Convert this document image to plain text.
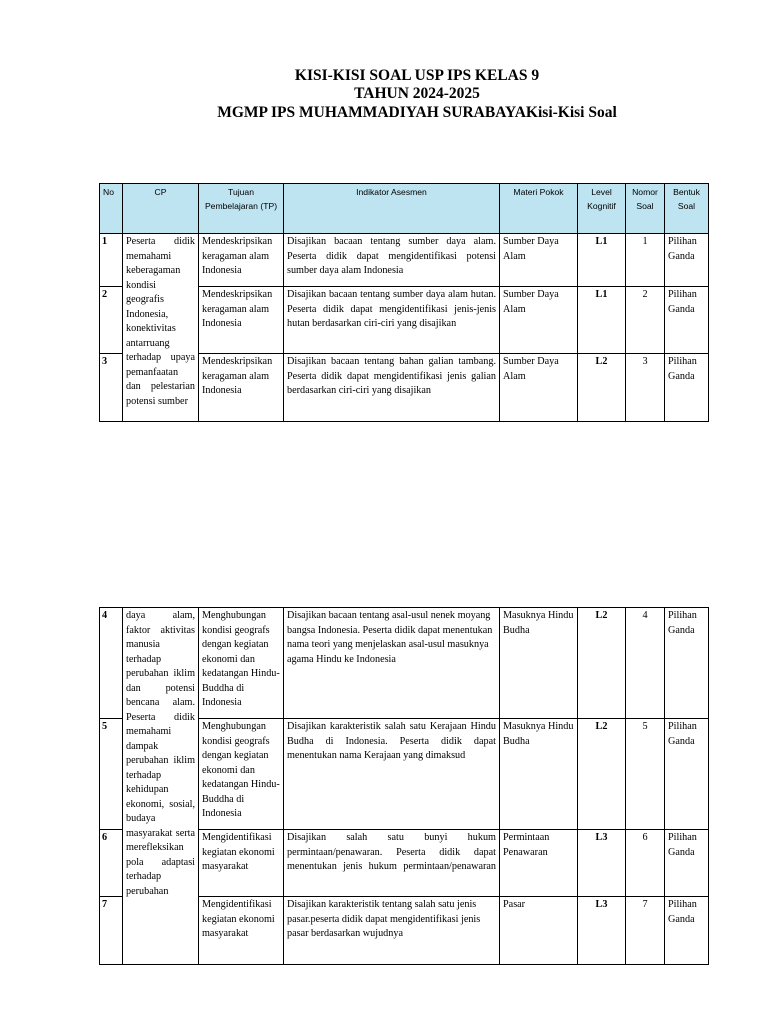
KISI-KISI SOAL USP IPS KELAS 9
TAHUN 2024-2025
MGMP IPS MUHAMMADIYAH SURABAYAKisi-Kisi Soal
No	CP	Tujuan Pembelajaran (TP)	Indikator Asesmen	Materi Pokok	Level Kognitif	Nomor Soal	Bentuk Soal
1	Peserta didik memahami keberagaman kondisi geografis Indonesia, konektivitas antarruang terhadap upaya pemanfaatan dan pelestarian potensi sumber	Mendeskripsikan keragaman alam Indonesia	Disajikan bacaan tentang sumber daya alam. Peserta didik dapat mengidentifikasi potensi sumber daya alam Indonesia	Sumber Daya Alam	L1	1	Pilihan Ganda
2		Mendeskripsikan keragaman alam Indonesia	Disajikan bacaan tentang sumber daya alam hutan. Peserta didik dapat mengidentifikasi jenis-jenis hutan berdasarkan ciri-ciri yang disajikan	Sumber Daya Alam	L1	2	Pilihan Ganda
3		Mendeskripsikan keragaman alam Indonesia	Disajikan bacaan tentang bahan galian tambang. Peserta didik dapat mengidentifikasi jenis galian berdasarkan ciri-ciri yang disajikan	Sumber Daya Alam	L2	3	Pilihan Ganda
4	daya alam, faktor aktivitas manusia terhadap perubahan iklim dan potensi bencana alam. Peserta didik memahami dampak perubahan iklim terhadap kehidupan ekonomi, sosial, budaya masyarakat serta merefleksikan pola adaptasi terhadap perubahan	Menghubungan kondisi geografs dengan kegiatan ekonomi dan kedatangan Hindu-Buddha di Indonesia	Disajikan bacaan tentang asal-usul nenek moyang bangsa Indonesia. Peserta didik dapat menentukan nama teori yang menjelaskan asal-usul masuknya agama Hindu ke Indonesia	Masuknya Hindu Budha	L2	4	Pilihan Ganda
5		Menghubungan kondisi geografs dengan kegiatan ekonomi dan kedatangan Hindu-Buddha di Indonesia	Disajikan karakteristik salah satu Kerajaan Hindu Budha di Indonesia. Peserta didik dapat menentukan nama Kerajaan yang dimaksud	Masuknya Hindu Budha	L2	5	Pilihan Ganda
6		Mengidentifikasi kegiatan ekonomi masyarakat	Disajikan salah satu bunyi hukum permintaan/penawaran. Peserta didik dapat menentukan jenis hukum permintaan/penawaran	Permintaan Penawaran	L3	6	Pilihan Ganda
7		Mengidentifikasi kegiatan ekonomi masyarakat	Disajikan karakteristik tentang salah satu jenis pasar.peserta didik dapat mengidentifikasi jenis pasar berdasarkan wujudnya	Pasar	L3	7	Pilihan Ganda
